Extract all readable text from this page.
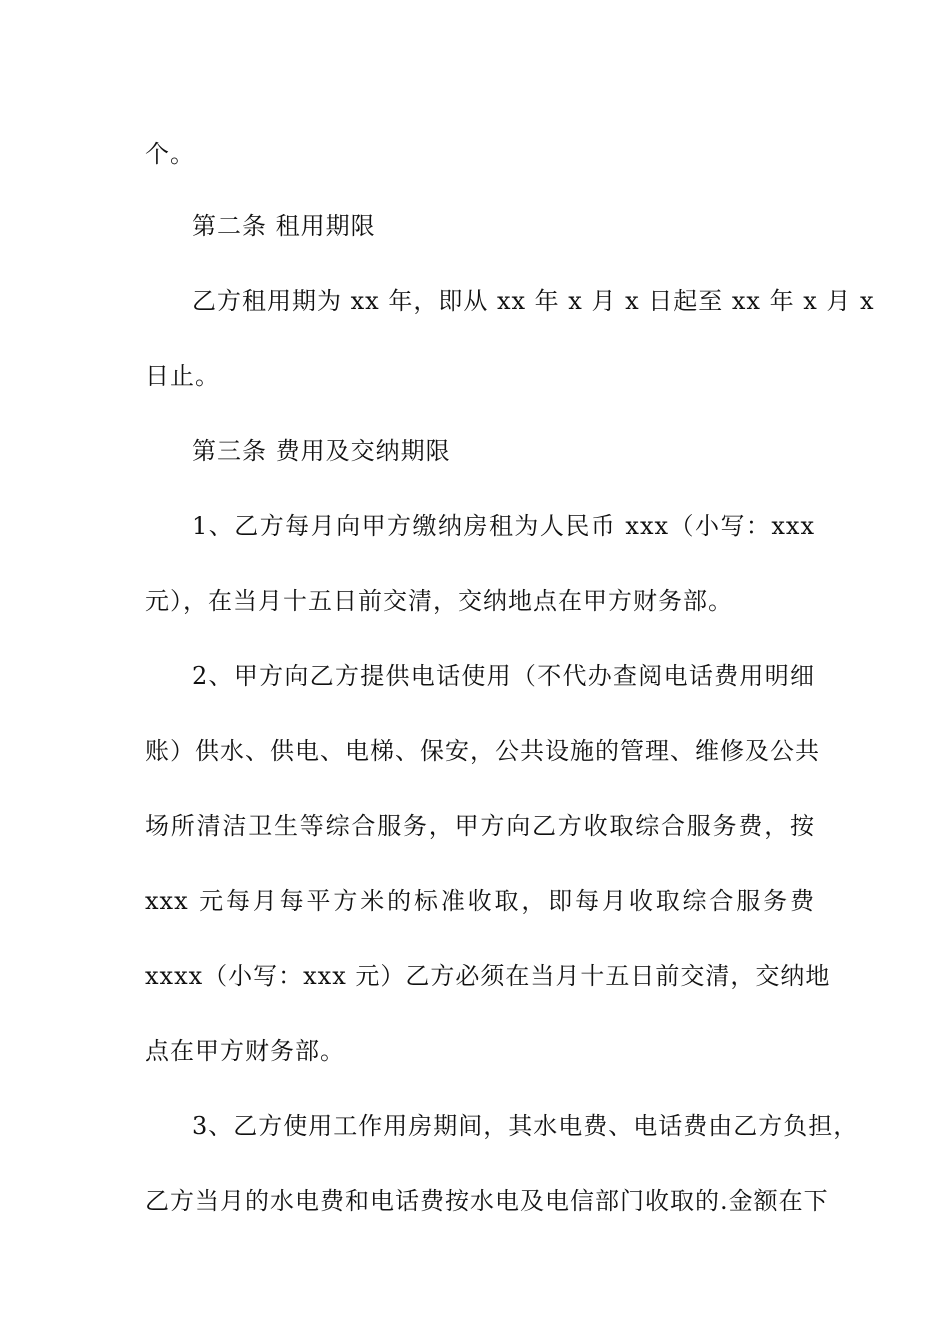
个。
第二条 租用期限
乙方租用期为 xx 年，即从 xx 年 x 月 x 日起至 xx 年 x 月 x
日止。
第三条 费用及交纳期限
1、乙方每月向甲方缴纳房租为人民币 xxx（小写：xxx
元），在当月十五日前交清，交纳地点在甲方财务部。
2、甲方向乙方提供电话使用（不代办查阅电话费用明细
账）供水、供电、电梯、保安，公共设施的管理、维修及公共
场所清洁卫生等综合服务，甲方向乙方收取综合服务费，按
xxx 元每月每平方米的标准收取，即每月收取综合服务费
xxxx（小写：xxx 元）乙方必须在当月十五日前交清，交纳地
点在甲方财务部。
3、乙方使用工作用房期间，其水电费、电话费由乙方负担，
乙方当月的水电费和电话费按水电及电信部门收取的.金额在下
